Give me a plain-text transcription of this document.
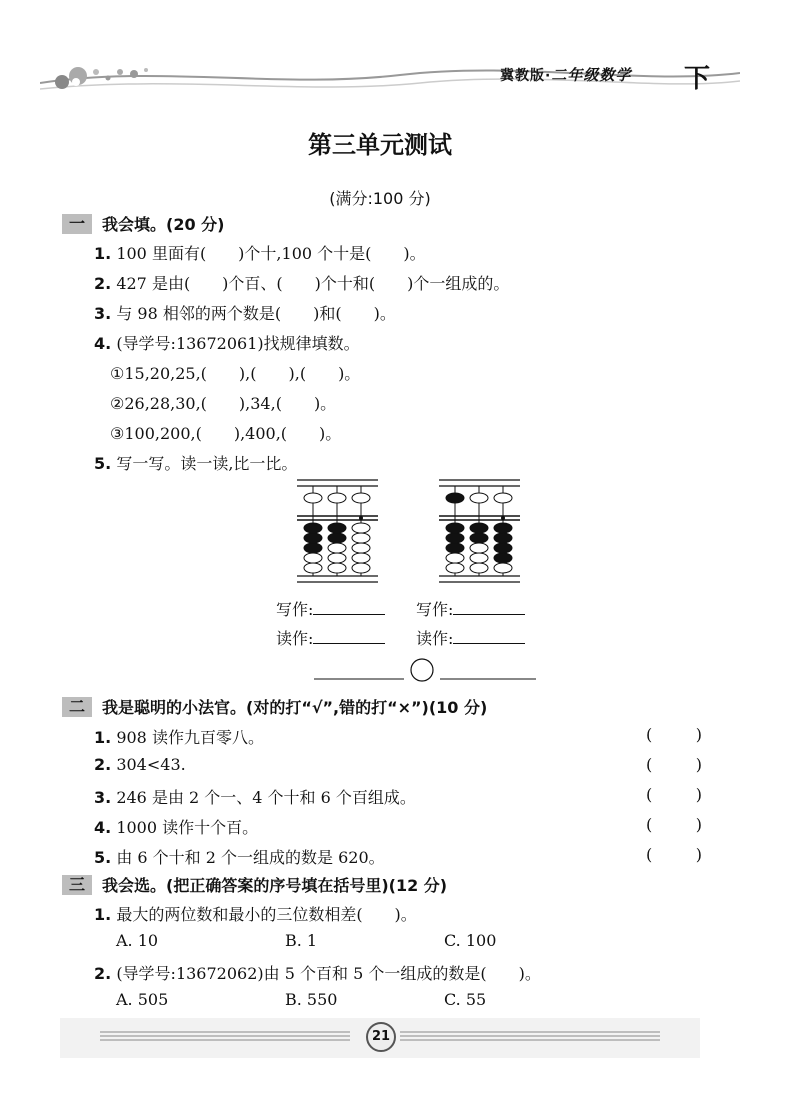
冀教版·二年级数学 下
第三单元测试
(满分:100 分)
一	我会填。(20 分)
1. 100 里面有(　　)个十,100 个十是(　　)。
2. 427 是由(　　)个百、(　　)个十和(　　)个一组成的。
3. 与 98 相邻的两个数是(　　)和(　　)。
4. (导学号:13672061)找规律填数。
①15,20,25,(　　),(　　),(　　)。
②26,28,30,(　　),34,(　　)。
③100,200,(　　),400,(　　)。
5. 写一写。读一读,比一比。
写作:	写作:
读作:	读作:
二	我是聪明的小法官。(对的打“√”,错的打“×”)(10 分)
1. 908 读作九百零八。	(	)
2. 304<43.	(	)
3. 246 是由 2 个一、4 个十和 6 个百组成。	(	)
4. 1000 读作十个百。	(	)
5. 由 6 个十和 2 个一组成的数是 620。	(	)
三	我会选。(把正确答案的序号填在括号里)(12 分)
1. 最大的两位数和最小的三位数相差(　　)。
A. 10	B. 1	C. 100
2. (导学号:13672062)由 5 个百和 5 个一组成的数是(　　)。
A. 505	B. 550	C. 55
21
